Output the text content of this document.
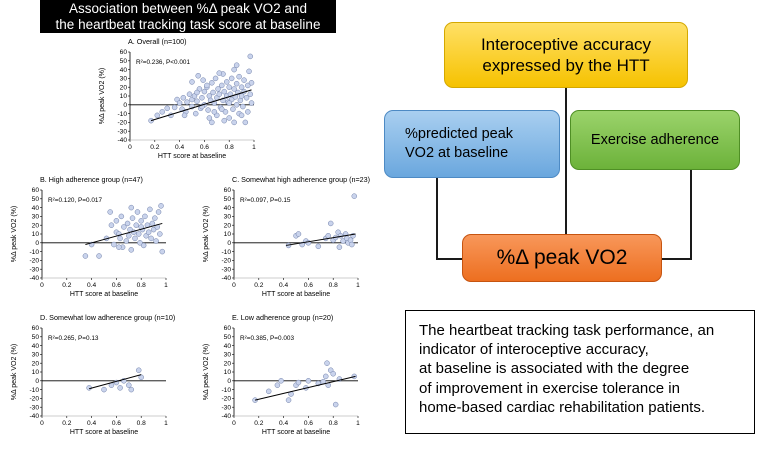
Association between %Δ peak VO2 and
the heartbeat tracking task score at baseline
A. Overall (n=100)
-40
-30
-20
-10
0
10
20
30
40
50
60
0	0.2 0.4 0.6 0.8	1
HTT score at baseline
%Δ peak VO2 (%)
R²=0.236, P<0.001
B. High adherence group (n=47)
-40
-30
-20
-10
0
10
20
30
40
50
60
0	0.2 0.4 0.6 0.8	1
HTT score at baseline
%Δ peak VO2 (%)
R²=0.120, P=0.017
C. Somewhat high adherence group (n=23)
-40
-30
-20
-10
0
10
20
30
40
50
60
0	0.2 0.4 0.6 0.8	1
HTT score at baseline
%Δ peak VO2 (%)
R²=0.097, P=0.15
D. Somewhat low adherence group (n=10)
-40
-30
-20
-10
0
10
20
30
40
50
60
0	0.2 0.4 0.6 0.8	1
HTT score at baseline
%Δ peak VO2 (%)
R²=0.265, P=0.13
E. Low adherence group (n=20)
-40
-30
-20
-10
0
10
20
30
40
50
60
0	0.2 0.4 0.6 0.8	1
HTT score at baseline
%Δ peak VO2 (%)
R²=0.385, P=0.003
Interoceptive accuracy expressed by the HTT
%predicted peak VO2 at baseline
Exercise adherence
%Δ peak VO2
The heartbeat tracking task performance, an
indicator of interoceptive accuracy,
at baseline is associated with the degree
of improvement in exercise tolerance in
home-based cardiac rehabilitation patients.
